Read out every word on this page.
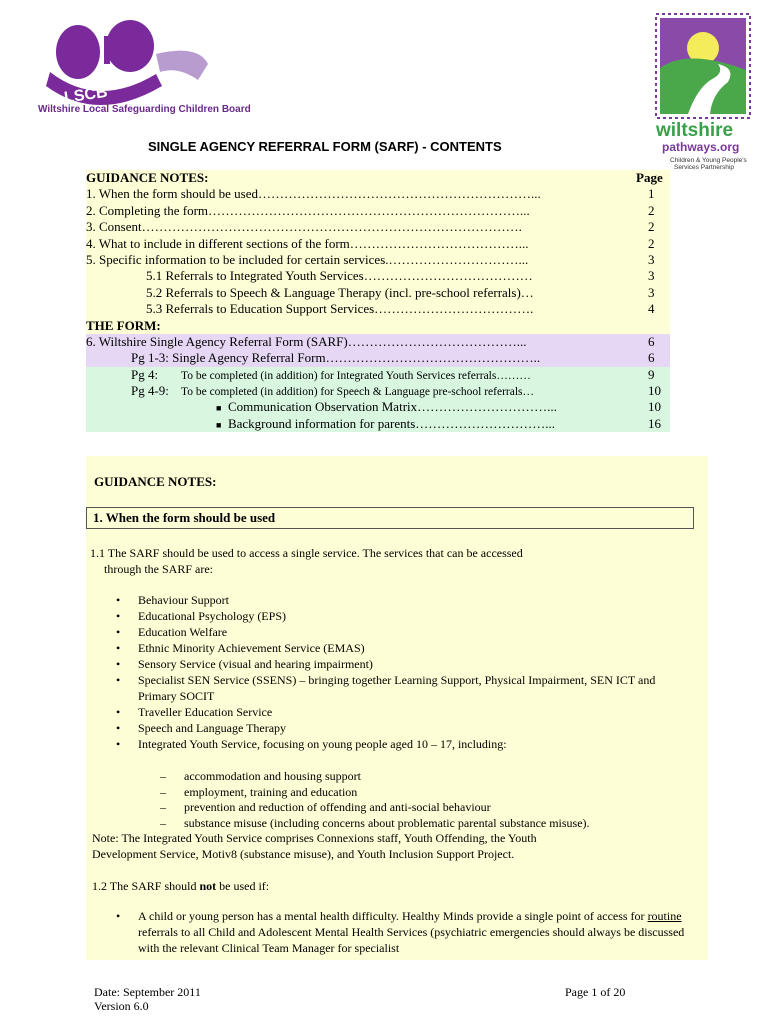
LSCB
Wiltshire Local Safeguarding Children Board
wiltshire
pathways.org
Children & Young People's
Services Partnership
SINGLE AGENCY REFERRAL FORM (SARF) - CONTENTS
GUIDANCE NOTES:	Page
1. When the form should be used………………………………………………………...	1
2. Completing the form………………………………………………………………...	2
3. Consent…………………………………………………………………………….	2
4. What to include in different sections of the form…………………………………...	2
5. Specific information to be included for certain services.…………………………...	3
5.1 Referrals to Integrated Youth Services…………………………………	3
5.2 Referrals to Speech & Language Therapy (incl. pre-school referrals)…	3
5.3 Referrals to Education Support Services……………………………….	4
THE FORM:
6. Wiltshire Single Agency Referral Form (SARF)…………………………………...	6
Pg 1-3: Single Agency Referral Form…………………………………………..	6
Pg 4: To be completed (in addition) for Integrated Youth Services referrals………	9
Pg 4-9: To be completed (in addition) for Speech & Language pre-school referrals…	10
■ Communication Observation Matrix…………………………...	10
■ Background information for parents…………………………...	16
GUIDANCE NOTES:
1. When the form should be used
1.1 The SARF should be used to access a single service. The services that can be accessed
through the SARF are:
• Behaviour Support
• Educational Psychology (EPS)
• Education Welfare
• Ethnic Minority Achievement Service (EMAS)
• Sensory Service (visual and hearing impairment)
• Specialist SEN Service (SSENS) – bringing together Learning Support, Physical Impairment, SEN ICT and Primary SOCIT
• Traveller Education Service
• Speech and Language Therapy
• Integrated Youth Service, focusing on young people aged 10 – 17, including:
– accommodation and housing support
– employment, training and education
– prevention and reduction of offending and anti-social behaviour
– substance misuse (including concerns about problematic parental substance misuse).
Note: The Integrated Youth Service comprises Connexions staff, Youth Offending, the Youth
Development Service, Motiv8 (substance misuse), and Youth Inclusion Support Project.
1.2 The SARF should not be used if:
• A child or young person has a mental health difficulty. Healthy Minds provide a single point of access for routine referrals to all Child and Adolescent Mental Health Services (psychiatric emergencies should always be discussed with the relevant Clinical Team Manager for specialist
Date: September 2011
Version 6.0
Page 1 of 20
